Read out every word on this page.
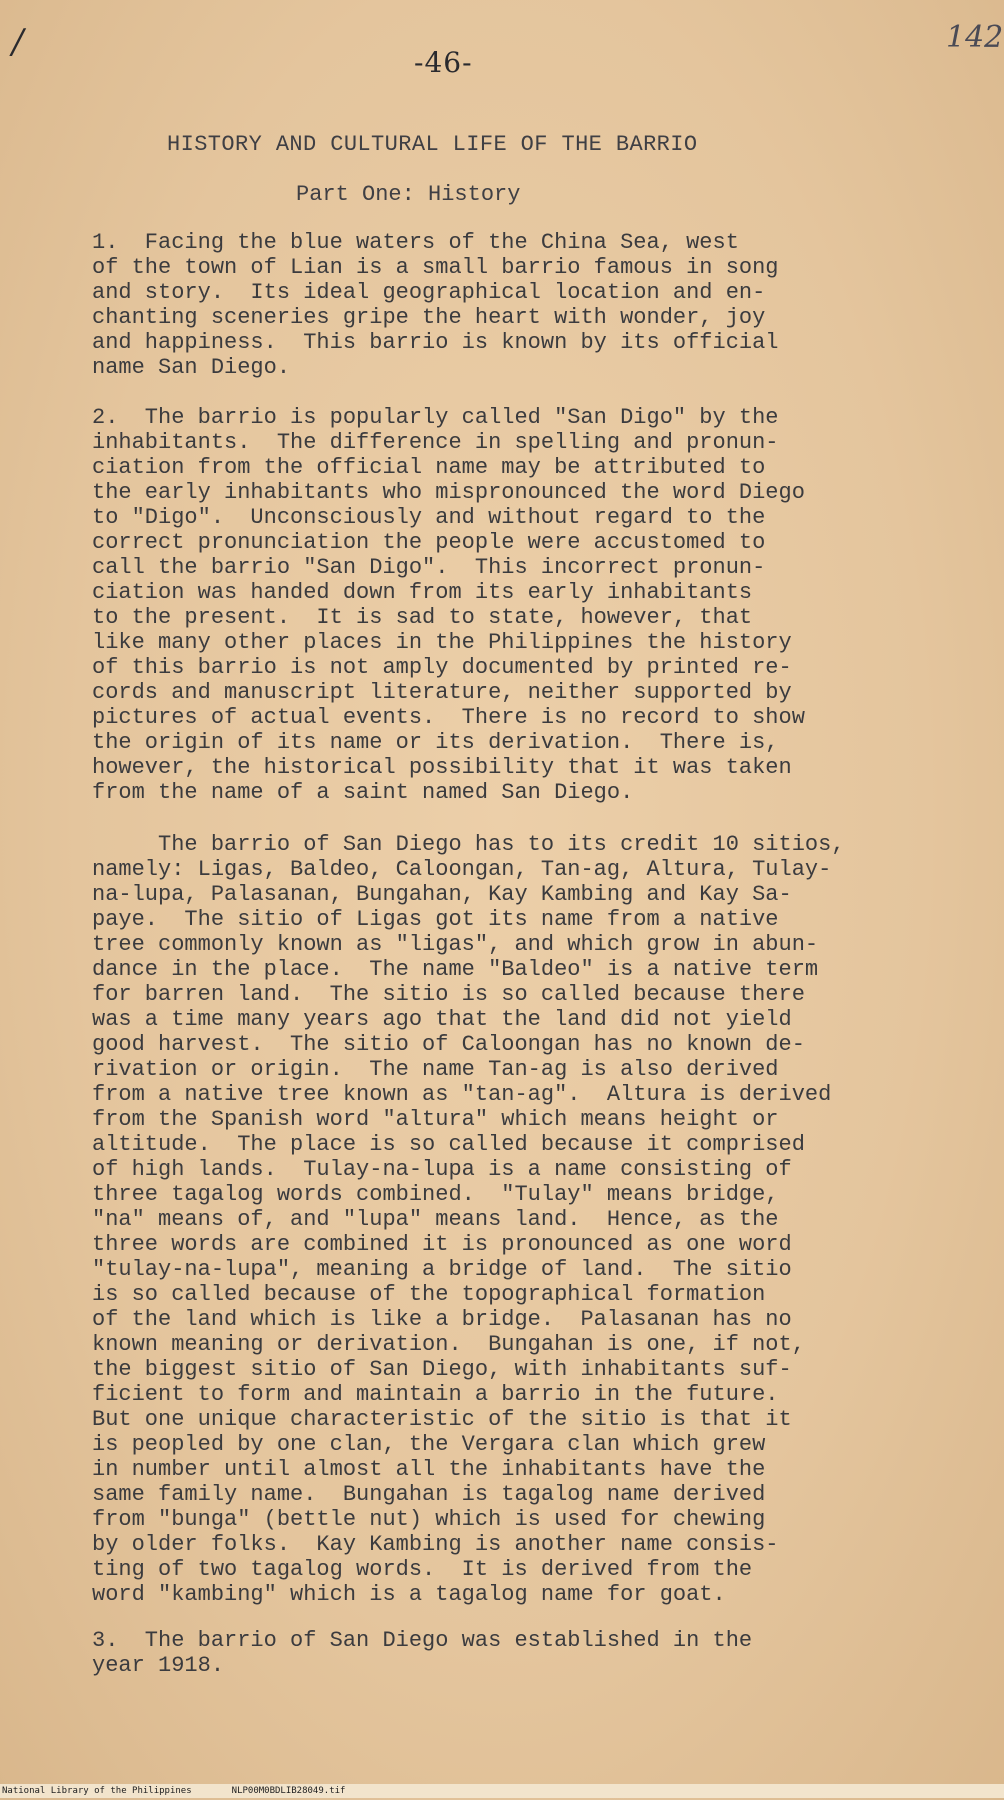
/	142
-46-
HISTORY AND CULTURAL LIFE OF THE BARRIO
Part One: History

1.  Facing the blue waters of the China Sea, west
of the town of Lian is a small barrio famous in song
and story.  Its ideal geographical location and en-
chanting sceneries gripe the heart with wonder, joy
and happiness.  This barrio is known by its official
name San Diego.

2.  The barrio is popularly called "San Digo" by the
inhabitants.  The difference in spelling and pronun-
ciation from the official name may be attributed to
the early inhabitants who mispronounced the word Diego
to "Digo".  Unconsciously and without regard to the
correct pronunciation the people were accustomed to
call the barrio "San Digo".  This incorrect pronun-
ciation was handed down from its early inhabitants
to the present.  It is sad to state, however, that
like many other places in the Philippines the history
of this barrio is not amply documented by printed re-
cords and manuscript literature, neither supported by
pictures of actual events.  There is no record to show
the origin of its name or its derivation.  There is,
however, the historical possibility that it was taken
from the name of a saint named San Diego.

The barrio of San Diego has to its credit 10 sitios,
namely: Ligas, Baldeo, Caloongan, Tan-ag, Altura, Tulay-
na-lupa, Palasanan, Bungahan, Kay Kambing and Kay Sa-
paye.  The sitio of Ligas got its name from a native
tree commonly known as "ligas", and which grow in abun-
dance in the place.  The name "Baldeo" is a native term
for barren land.  The sitio is so called because there
was a time many years ago that the land did not yield
good harvest.  The sitio of Caloongan has no known de-
rivation or origin.  The name Tan-ag is also derived
from a native tree known as "tan-ag".  Altura is derived
from the Spanish word "altura" which means height or
altitude.  The place is so called because it comprised
of high lands.  Tulay-na-lupa is a name consisting of
three tagalog words combined.  "Tulay" means bridge,
"na" means of, and "lupa" means land.  Hence, as the
three words are combined it is pronounced as one word
"tulay-na-lupa", meaning a bridge of land.  The sitio
is so called because of the topographical formation
of the land which is like a bridge.  Palasanan has no
known meaning or derivation.  Bungahan is one, if not,
the biggest sitio of San Diego, with inhabitants suf-
ficient to form and maintain a barrio in the future.
But one unique characteristic of the sitio is that it
is peopled by one clan, the Vergara clan which grew
in number until almost all the inhabitants have the
same family name.  Bungahan is tagalog name derived
from "bunga" (bettle nut) which is used for chewing
by older folks.  Kay Kambing is another name consis-
ting of two tagalog words.  It is derived from the
word "kambing" which is a tagalog name for goat.

3.  The barrio of San Diego was established in the
year 1918.

National Library of the Philippines	NLP00M0BDLIB28049.tif
